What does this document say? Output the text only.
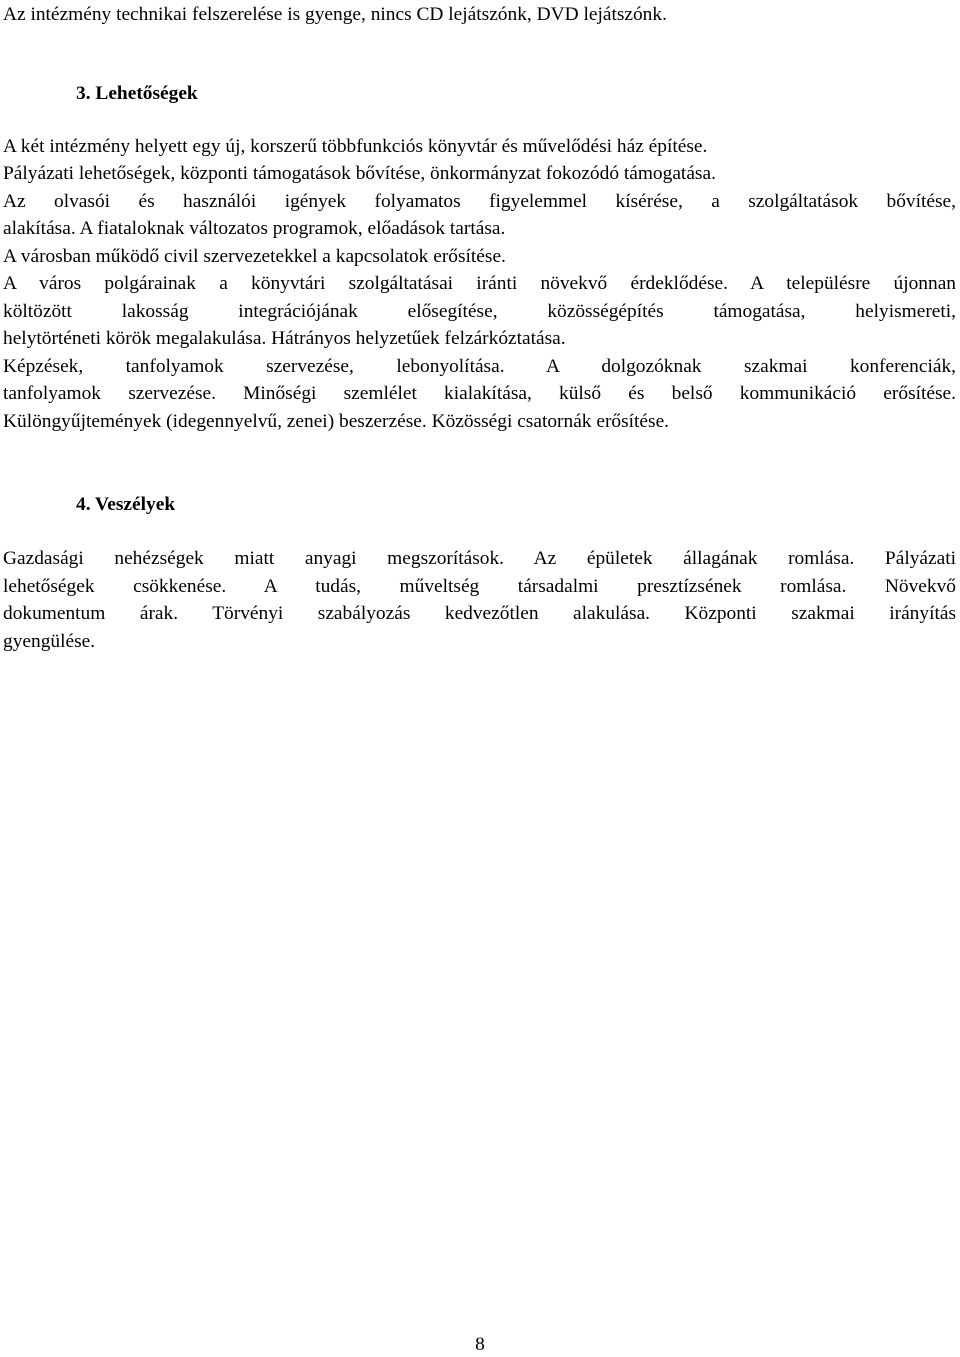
Az intézmény technikai felszerelése is gyenge, nincs CD lejátszónk, DVD lejátszónk.
3. Lehetőségek
A két intézmény helyett egy új, korszerű többfunkciós könyvtár és művelődési ház építése.
Pályázati lehetőségek, központi támogatások bővítése, önkormányzat fokozódó támogatása.
Az olvasói és használói igények folyamatos figyelemmel kísérése, a szolgáltatások bővítése,
alakítása. A fiataloknak változatos programok, előadások tartása.
A városban működő civil szervezetekkel a kapcsolatok erősítése.
A város polgárainak a könyvtári szolgáltatásai iránti növekvő érdeklődése. A településre újonnan
költözött lakosság integrációjának elősegítése, közösségépítés támogatása, helyismereti,
helytörténeti körök megalakulása. Hátrányos helyzetűek felzárkóztatása.
Képzések, tanfolyamok szervezése, lebonyolítása. A dolgozóknak szakmai konferenciák,
tanfolyamok szervezése. Minőségi szemlélet kialakítása, külső és belső kommunikáció erősítése.
Különgyűjtemények (idegennyelvű, zenei) beszerzése. Közösségi csatornák erősítése.
4. Veszélyek
Gazdasági nehézségek miatt anyagi megszorítások. Az épületek állagának romlása. Pályázati
lehetőségek csökkenése. A tudás, műveltség társadalmi presztízsének romlása. Növekvő
dokumentum árak. Törvényi szabályozás kedvezőtlen alakulása. Központi szakmai irányítás
gyengülése.
8
